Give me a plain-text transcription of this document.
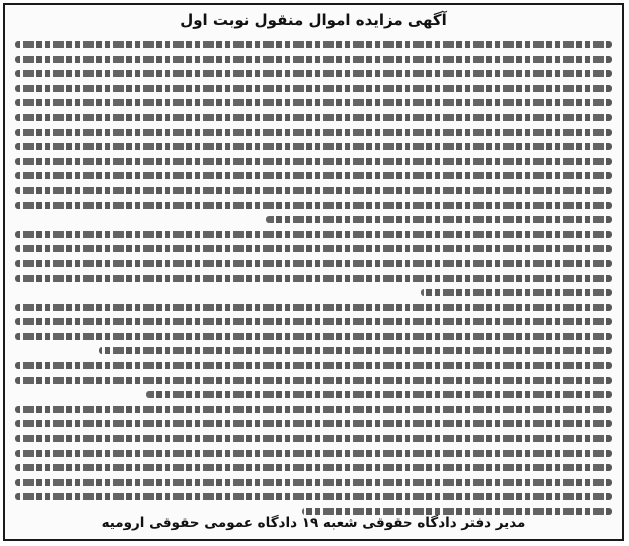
آگهی مزایده اموال منقول نوبت اول
مدیر دفتر دادگاه حقوقی شعبه ۱۹ دادگاه عمومی حقوقی ارومیه
